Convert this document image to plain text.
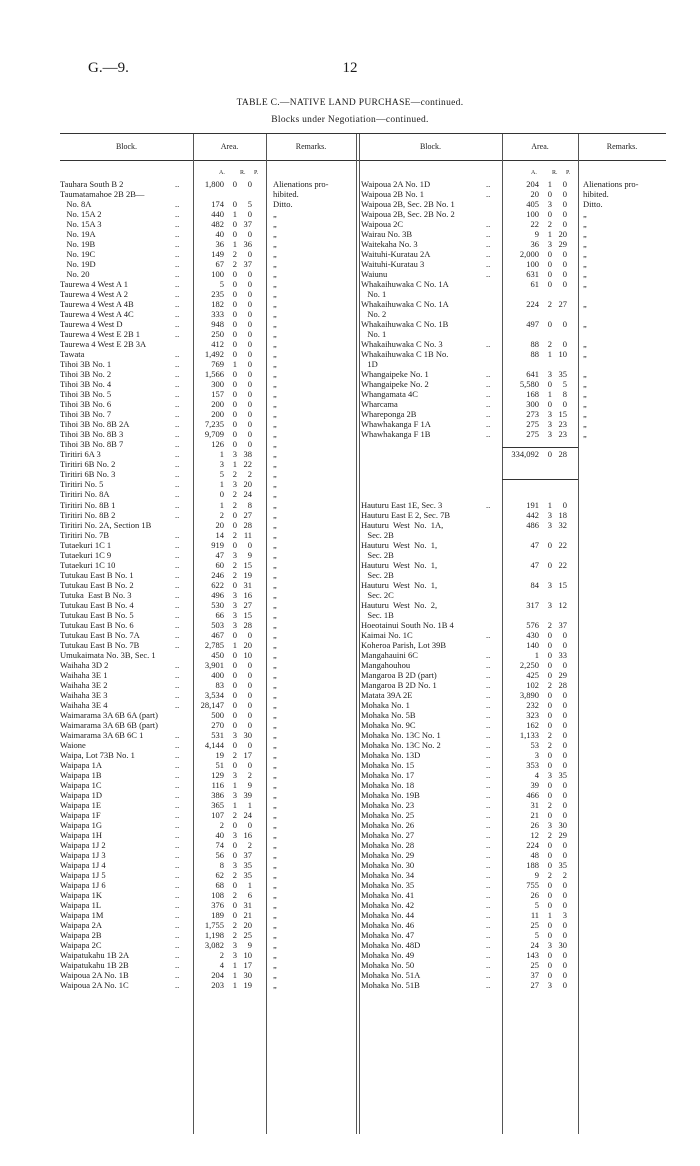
G.—9.	12
TABLE C.—NATIVE LAND PURCHASE—continued.
Blocks under Negotiation—continued.
Block.	Area.	Remarks.	Block.	Area.	Remarks.
A.	R. P.	A.	R. P.
Tauhara South B 2	..	1,800	0	0 Alienations pro-
Taumatamahoe 2B 2B—	hibited.
No. 8A	..	174	0	5 Ditto.
No. 15A 2	..	440	1	0 „
No. 15A 3	..	482	0 37 „
No. 19A	..	40	0	0 „
No. 19B	..	36	1 36 „
No. 19C	..	149	2	0 „
No. 19D	..	67	2 37 „
No. 20	..	100	0	0 „
Taurewa 4 West A 1	..	5	0	0 „
Taurewa 4 West A 2	..	235	0	0 „
Taurewa 4 West A 4B	..	182	0	0 „
Taurewa 4 West A 4C	..	333	0	0 „
Taurewa 4 West D	..	948	0	0 „
Taurewa 4 West E 2B 1	..	250	0	0 „
Taurewa 4 West E 2B 3A	412	0	0 „
Tawata	..	1,492	0	0 „
Tihoi 3B No. 1	..	769	1	0 „
Tihoi 3B No. 2	..	1,566	0	0 „
Tihoi 3B No. 4	..	300	0	0 „
Tihoi 3B No. 5	..	157	0	0 „
Tihoi 3B No. 6	..	200	0	0 „
Tihoi 3B No. 7	..	200	0	0 „
Tihoi 3B No. 8B 2A	..	7,235	0	0 „
Tihoi 3B No. 8B 3	..	9,709	0	0 „
Tihoi 3B No. 8B 7	..	126	0	0 „
Tiritiri 6A 3	..	1	3 38 „
Tiritiri 6B No. 2	..	3	1 22 „
Tiritiri 6B No. 3	..	5	2	2 „
Tiritiri No. 5	..	1	3 20 „
Tiritiri No. 8A	..	0	2 24 „
Tiritiri No. 8B 1	..	1	2	8 „
Tiritiri No. 8B 2	..	2	0 27 „
Tiritiri No. 2A, Section 1B	20	0 28 „
Tiritiri No. 7B	..	14	2 11 „
Tutaekuri 1C 1	..	919	0	0 „
Tutaekuri 1C 9	..	47	3	9 „
Tutaekuri 1C 10	..	60	2 15 „
Tutukau East B No. 1	..	246	2 19 „
Tutukau East B No. 2	..	622	0 31 „
Tutuka  East B No. 3	..	496	3 16 „
Tutukau East B No. 4	..	530	3 27 „
Tutukau East B No. 5	..	66	3 15 „
Tutukau East B No. 6	..	503	3 28 „
Tutukau East B No. 7A	..	467	0	0 „
Tutukau East B No. 7B	..	2,785	1 20 „
Umukaimata No. 3B, Sec. 1	450	0 10 „
Waihaha 3D 2	..	3,901	0	0 „
Waihaha 3E 1	..	400	0	0 „
Waihaha 3E 2	..	83	0	0 „
Waihaha 3E 3	..	3,534	0	0 „
Waihaha 3E 4	..	28,147	0	0 „
Waimarama 3A 6B 6A (part)	500	0	0 „
Waimarama 3A 6B 6B (part)	270	0	0 „
Waimarama 3A 6B 6C 1	..	531	3 30 „
Waione	..	4,144	0	0 „
Waipa, Lot 73B No. 1	..	19	2 17 „
Waipapa 1A	..	51	0	0 „
Waipapa 1B	..	129	3	2 „
Waipapa 1C	..	116	1	9 „
Waipapa 1D	..	386	3 39 „
Waipapa 1E	..	365	1	1 „
Waipapa 1F	..	107	2 24 „
Waipapa 1G	..	2	0	0 „
Waipapa 1H	..	40	3 16 „
Waipapa 1J 2	..	74	0	2 „
Waipapa 1J 3	..	56	0 37 „
Waipapa 1J 4	..	8	3 35 „
Waipapa 1J 5	..	62	2 35 „
Waipapa 1J 6	..	68	0	1 „
Waipapa 1K	..	108	2	6 „
Waipapa 1L	..	376	0 31 „
Waipapa 1M	..	189	0 21 „
Waipapa 2A	..	1,755	2 20 „
Waipapa 2B	..	1,198	2 25 „
Waipapa 2C	..	3,082	3	9 „
Waipatukahu 1B 2A	..	2	3 10 „
Waipatukahu 1B 2B	..	4	1 17 „
Waipoua 2A No. 1B	..	204	1 30 „
Waipoua 2A No. 1C	..	203	1 19 „
Waipoua 2A No. 1D	..	204	1	0 Alienations pro-
Waipoua 2B No. 1	..	20	0	0 hibited.
Waipoua 2B, Sec. 2B No. 1	405	3	0 Ditto.
Waipoua 2B, Sec. 2B No. 2	100	0	0 „
Waipoua 2C	..	22	2	0 „
Wairau No. 3B	..	9	1 20 „
Waitekaha No. 3	..	36	3 29 „
Waituhi-Kuratau 2A	..	2,000	0	0 „
Waituhi-Kuratau 3	..	100	0	0 „
Waiunu	..	631	0	0 „
Whakaihuwaka C No. 1A	61	0	0 „
No. 1
Whakaihuwaka C No. 1A	224	2 27 „
No. 2
Whakaihuwaka C No. 1B	497	0	0 „
No. 1
Whakaihuwaka C No. 3	..	88	2	0 „
Whakaihuwaka C 1B No.	88	1 10 „
1D
Whangaipeke No. 1	..	641	3 35 „
Whangaipeke No. 2	..	5,580	0	5 „
Whangamata 4C	..	168	1	8 „
Wharcama	..	300	0	0 „
Whareponga 2B	..	273	3 15 „
Whawhakanga F 1A	..	275	3 23 „
Whawhakanga F 1B	..	275	3 23 „
334,092	0 28
Hauturu East 1E, Sec. 3	..	191	1	0
Hauturu East E 2, Sec. 7B	442	3 18
Hauturu  West  No.  1A,	486	3 32
Sec. 2B
Hauturu  West  No.  1,	47	0 22
Sec. 2B
Hauturu  West  No.  1,	47	0 22
Sec. 2B
Hauturu  West  No.  1,	84	3 15
Sec. 2C
Hauturu  West  No.  2,	317	3 12
Sec. 1B
Hoeotainui South No. 1B 4	576	2 37
Kaimai No. 1C	..	430	0	0
Koheroa Parish, Lot 39B	140	0	0
Mangahauini 6C	..	1	0 33
Mangahouhou	..	2,250	0	0
Mangaroa B 2D (part)	..	425	0 29
Mangaroa B 2D No. 1	..	102	2 28
Matata 39A 2E	..	3,890	0	0
Mohaka No. 1	..	232	0	0
Mohaka No. 5B	..	323	0	0
Mohaka No. 9C	..	162	0	0
Mohaka No. 13C No. 1	..	1,133	2	0
Mohaka No. 13C No. 2	..	53	2	0
Mohaka No. 13D	..	3	0	0
Mohaka No. 15	..	353	0	0
Mohaka No. 17	..	4	3 35
Mohaka No. 18	..	39	0	0
Mohaka No. 19B	..	466	0	0
Mohaka No. 23	..	31	2	0
Mohaka No. 25	..	21	0	0
Mohaka No. 26	..	26	3 30
Mohaka No. 27	..	12	2 29
Mohaka No. 28	..	224	0	0
Mohaka No. 29	..	48	0	0
Mohaka No. 30	..	188	0 35
Mohaka No. 34	..	9	2	2
Mohaka No. 35	..	755	0	0
Mohaka No. 41	..	26	0	0
Mohaka No. 42	..	5	0	0
Mohaka No. 44	..	11	1	3
Mohaka No. 46	..	25	0	0
Mohaka No. 47	..	5	0	0
Mohaka No. 48D	..	24	3 30
Mohaka No. 49	..	143	0	0
Mohaka No. 50	..	25	0	0
Mohaka No. 51A	..	37	0	0
Mohaka No. 51B	..	27	3	0
